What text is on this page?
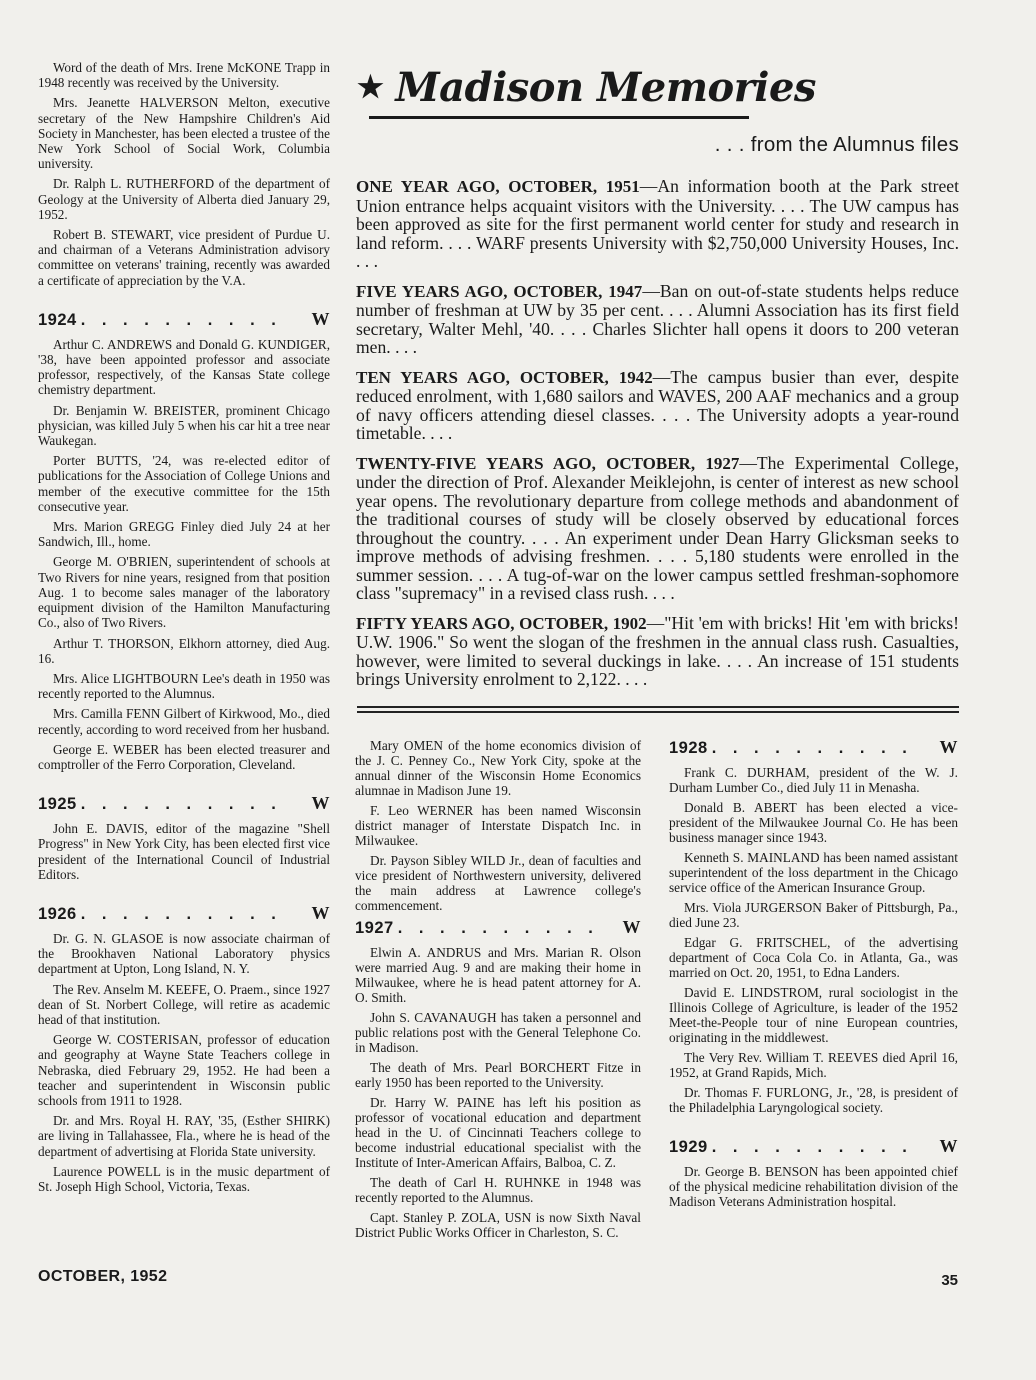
★ Madison Memories
. . . from the Alumnus files

ONE YEAR AGO, OCTOBER, 1951—An information booth at the Park street Union entrance helps acquaint visitors with the University. . . . The UW campus has been approved as site for the first permanent world center for study and research in land reform. . . . WARF presents University with $2,750,000 University Houses, Inc. . . .

FIVE YEARS AGO, OCTOBER, 1947—Ban on out-of-state students helps reduce number of freshman at UW by 35 per cent. . . . Alumni Association has its first field secretary, Walter Mehl, '40. . . . Charles Slichter hall opens it doors to 200 veteran men. . . .

TEN YEARS AGO, OCTOBER, 1942—The campus busier than ever, despite reduced enrolment, with 1,680 sailors and WAVES, 200 AAF mechanics and a group of navy officers attending diesel classes. . . . The University adopts a year-round timetable. . . .

TWENTY-FIVE YEARS AGO, OCTOBER, 1927—The Experimental College, under the direction of Prof. Alexander Meiklejohn, is center of interest as new school year opens. The revolutionary departure from college methods and abandonment of the traditional courses of study will be closely observed by educational forces throughout the country. . . . An experiment under Dean Harry Glicksman seeks to improve methods of advising freshmen. . . . 5,180 students were enrolled in the summer session. . . . A tug-of-war on the lower campus settled freshman-sophomore class "supremacy" in a revised class rush. . . .

FIFTY YEARS AGO, OCTOBER, 1902—"Hit 'em with bricks! Hit 'em with bricks! U.W. 1906." So went the slogan of the freshmen in the annual class rush. Casualties, however, were limited to several duckings in lake. . . . An increase of 151 students brings University enrolment to 2,122. . . .

Word of the death of Mrs. Irene McKONE Trapp in 1948 recently was received by the University.

Mrs. Jeanette HALVERSON Melton, executive secretary of the New Hampshire Children's Aid Society in Manchester, has been elected a trustee of the New York School of Social Work, Columbia university.

Dr. Ralph L. RUTHERFORD of the department of Geology at the University of Alberta died January 29, 1952.

Robert B. STEWART, vice president of Purdue U. and chairman of a Veterans Administration advisory committee on veterans' training, recently was awarded a certificate of appreciation by the V.A.

1924 . . . . . . . . . .	W

Arthur C. ANDREWS and Donald G. KUNDIGER, '38, have been appointed professor and associate professor, respectively, of the Kansas State college chemistry department.

Dr. Benjamin W. BREISTER, prominent Chicago physician, was killed July 5 when his car hit a tree near Waukegan.

Porter BUTTS, '24, was re-elected editor of publications for the Association of College Unions and member of the executive committee for the 15th consecutive year.

Mrs. Marion GREGG Finley died July 24 at her Sandwich, Ill., home.

George M. O'BRIEN, superintendent of schools at Two Rivers for nine years, resigned from that position Aug. 1 to become sales manager of the laboratory equipment division of the Hamilton Manufacturing Co., also of Two Rivers.

Arthur T. THORSON, Elkhorn attorney, died Aug. 16.

Mrs. Alice LIGHTBOURN Lee's death in 1950 was recently reported to the Alumnus.

Mrs. Camilla FENN Gilbert of Kirkwood, Mo., died recently, according to word received from her husband.

George E. WEBER has been elected treasurer and comptroller of the Ferro Corporation, Cleveland.

1925 . . . . . . . . . .	W

John E. DAVIS, editor of the magazine "Shell Progress" in New York City, has been elected first vice president of the International Council of Industrial Editors.

1926 . . . . . . . . . .	W

Dr. G. N. GLASOE is now associate chairman of the Brookhaven National Laboratory physics department at Upton, Long Island, N. Y.

The Rev. Anselm M. KEEFE, O. Praem., since 1927 dean of St. Norbert College, will retire as academic head of that institution.

George W. COSTERISAN, professor of education and geography at Wayne State Teachers college in Nebraska, died February 29, 1952. He had been a teacher and superintendent in Wisconsin public schools from 1911 to 1928.

Dr. and Mrs. Royal H. RAY, '35, (Esther SHIRK) are living in Tallahassee, Fla., where he is head of the department of advertising at Florida State university.

Laurence POWELL is in the music department of St. Joseph High School, Victoria, Texas.

Mary OMEN of the home economics division of the J. C. Penney Co., New York City, spoke at the annual dinner of the Wisconsin Home Economics alumnae in Madison June 19.

F. Leo WERNER has been named Wisconsin district manager of Interstate Dispatch Inc. in Milwaukee.

Dr. Payson Sibley WILD Jr., dean of faculties and vice president of Northwestern university, delivered the main address at Lawrence college's commencement.

1927 . . . . . . . . . .	W

Elwin A. ANDRUS and Mrs. Marian R. Olson were married Aug. 9 and are making their home in Milwaukee, where he is head patent attorney for A. O. Smith.

John S. CAVANAUGH has taken a personnel and public relations post with the General Telephone Co. in Madison.

The death of Mrs. Pearl BORCHERT Fitze in early 1950 has been reported to the University.

Dr. Harry W. PAINE has left his position as professor of vocational education and department head in the U. of Cincinnati Teachers college to become industrial educational specialist with the Institute of Inter-American Affairs, Balboa, C. Z.

The death of Carl H. RUHNKE in 1948 was recently reported to the Alumnus.

Capt. Stanley P. ZOLA, USN is now Sixth Naval District Public Works Officer in Charleston, S. C.

1928 . . . . . . . . . .	W

Frank C. DURHAM, president of the W. J. Durham Lumber Co., died July 11 in Menasha.

Donald B. ABERT has been elected a vice-president of the Milwaukee Journal Co. He has been business manager since 1943.

Kenneth S. MAINLAND has been named assistant superintendent of the loss department in the Chicago service office of the American Insurance Group.

Mrs. Viola JURGERSON Baker of Pittsburgh, Pa., died June 23.

Edgar G. FRITSCHEL, of the advertising department of Coca Cola Co. in Atlanta, Ga., was married on Oct. 20, 1951, to Edna Landers.

David E. LINDSTROM, rural sociologist in the Illinois College of Agriculture, is leader of the 1952 Meet-the-People tour of nine European countries, originating in the middlewest.

The Very Rev. William T. REEVES died April 16, 1952, at Grand Rapids, Mich.

Dr. Thomas F. FURLONG, Jr., '28, is president of the Philadelphia Laryngological society.

1929 . . . . . . . . . .	W

Dr. George B. BENSON has been appointed chief of the physical medicine rehabilitation division of the Madison Veterans Administration hospital.

OCTOBER, 1952	35
